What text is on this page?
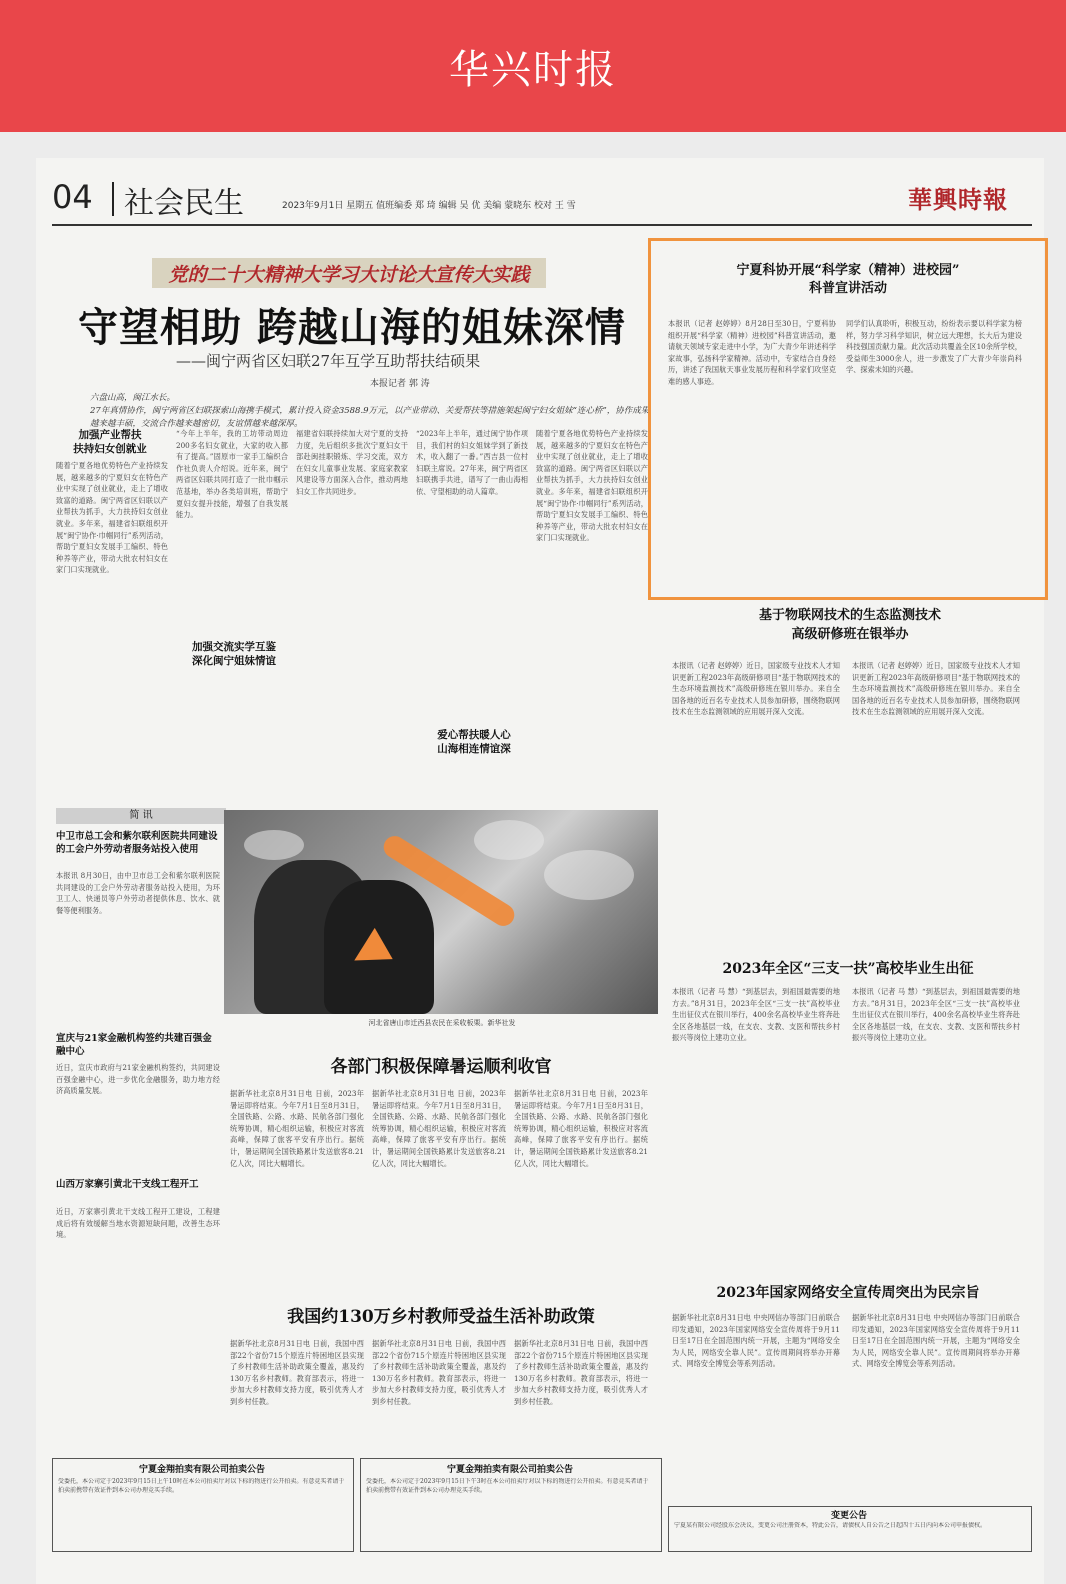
华兴时报
04 社会民生	2023年9月1日 星期五 值班编委 郑 琦 编辑 吴 优 美编 蒙晓东 校对 王 雪	華興時報
党的二十大精神大学习大讨论大宣传大实践
守望相助 跨越山海的姐妹深情
——闽宁两省区妇联27年互学互助帮扶结硕果
本报记者 郭 涛
六盘山高，闽江水长。
27年真情协作，闽宁两省区妇联探索山海携手模式，累计投入资金3588.9万元，以产业带动、关爱帮扶等措施架起闽宁妇女姐妹“连心桥”，协作成果越来越丰硕，交流合作越来越密切，友谊情越来越深厚。
加强产业帮扶
扶持妇女创就业
随着宁夏各地优势特色产业持续发展，越来越多的宁夏妇女在特色产业中实现了创业就业，走上了增收致富的道路。闽宁两省区妇联以产业帮扶为抓手，大力扶持妇女创业就业。多年来，福建省妇联组织开展“闽宁协作·巾帼同行”系列活动，帮助宁夏妇女发展手工编织、特色种养等产业，带动大批农村妇女在家门口实现就业。
“今年上半年，我的工坊带动周边200多名妇女就业，大家的收入都有了提高。”固原市一家手工编织合作社负责人介绍说。近年来，闽宁两省区妇联共同打造了一批巾帼示范基地，举办各类培训班，帮助宁夏妇女提升技能，增强了自我发展能力。
加强交流实学互鉴
深化闽宁姐妹情谊
福建省妇联持续加大对宁夏的支持力度，先后组织多批次宁夏妇女干部赴闽挂职锻炼、学习交流，双方在妇女儿童事业发展、家庭家教家风建设等方面深入合作，推动两地妇女工作共同进步。
“2023年上半年，通过闽宁协作项目，我们村的妇女姐妹学到了新技术，收入翻了一番。”西吉县一位村妇联主席说。27年来，闽宁两省区妇联携手共进，谱写了一曲山海相依、守望相助的动人篇章。
爱心帮扶暖人心
山海相连情谊深
随着宁夏各地优势特色产业持续发展，越来越多的宁夏妇女在特色产业中实现了创业就业，走上了增收致富的道路。闽宁两省区妇联以产业帮扶为抓手，大力扶持妇女创业就业。多年来，福建省妇联组织开展“闽宁协作·巾帼同行”系列活动，帮助宁夏妇女发展手工编织、特色种养等产业，带动大批农村妇女在家门口实现就业。
宁夏科协开展“科学家（精神）进校园”
科普宣讲活动
本报讯（记者 赵婷婷）8月28日至30日，宁夏科协组织开展“科学家（精神）进校园”科普宣讲活动，邀请航天领域专家走进中小学，为广大青少年讲述科学家故事，弘扬科学家精神。活动中，专家结合自身经历，讲述了我国航天事业发展历程和科学家们攻坚克难的感人事迹。
同学们认真聆听，积极互动，纷纷表示要以科学家为榜样，努力学习科学知识，树立远大理想，长大后为建设科技强国贡献力量。此次活动共覆盖全区10余所学校，受益师生3000余人，进一步激发了广大青少年崇尚科学、探索未知的兴趣。
基于物联网技术的生态监测技术
高级研修班在银举办
本报讯（记者 赵婷婷）近日，国家级专业技术人才知识更新工程2023年高级研修项目“基于物联网技术的生态环境监测技术”高级研修班在银川举办。来自全国各地的近百名专业技术人员参加研修，围绕物联网技术在生态监测领域的应用展开深入交流。
本报讯（记者 赵婷婷）近日，国家级专业技术人才知识更新工程2023年高级研修项目“基于物联网技术的生态环境监测技术”高级研修班在银川举办。来自全国各地的近百名专业技术人员参加研修，围绕物联网技术在生态监测领域的应用展开深入交流。
2023年全区“三支一扶”高校毕业生出征
本报讯（记者 马 慧）“到基层去，到祖国最需要的地方去。”8月31日，2023年全区“三支一扶”高校毕业生出征仪式在银川举行，400余名高校毕业生将奔赴全区各地基层一线，在支农、支教、支医和帮扶乡村振兴等岗位上建功立业。
本报讯（记者 马 慧）“到基层去，到祖国最需要的地方去。”8月31日，2023年全区“三支一扶”高校毕业生出征仪式在银川举行，400余名高校毕业生将奔赴全区各地基层一线，在支农、支教、支医和帮扶乡村振兴等岗位上建功立业。
2023年国家网络安全宣传周突出为民宗旨
据新华社北京8月31日电 中央网信办等部门日前联合印发通知，2023年国家网络安全宣传周将于9月11日至17日在全国范围内统一开展，主题为“网络安全为人民，网络安全靠人民”。宣传周期间将举办开幕式、网络安全博览会等系列活动。
据新华社北京8月31日电 中央网信办等部门日前联合印发通知，2023年国家网络安全宣传周将于9月11日至17日在全国范围内统一开展，主题为“网络安全为人民，网络安全靠人民”。宣传周期间将举办开幕式、网络安全博览会等系列活动。
简 讯
中卫市总工会和紫尔联利医院共同建设的工会户外劳动者服务站投入使用
本报讯 8月30日，由中卫市总工会和紫尔联利医院共同建设的工会户外劳动者服务站投入使用，为环卫工人、快递员等户外劳动者提供休息、饮水、就餐等便利服务。
宣庆与21家金融机构签约共建百强金融中心
近日，宣庆市政府与21家金融机构签约，共同建设百强金融中心，进一步优化金融服务，助力地方经济高质量发展。
山西万家寨引黄北干支线工程开工
近日，万家寨引黄北干支线工程开工建设，工程建成后将有效缓解当地水资源短缺问题，改善生态环境。
河北省唐山市迁西县农民在采收板栗。新华社发
各部门积极保障暑运顺利收官
据新华社北京8月31日电 日前，2023年暑运即将结束。今年7月1日至8月31日，全国铁路、公路、水路、民航各部门强化统筹协调，精心组织运输，积极应对客流高峰，保障了旅客平安有序出行。据统计，暑运期间全国铁路累计发送旅客8.21亿人次，同比大幅增长。
据新华社北京8月31日电 日前，2023年暑运即将结束。今年7月1日至8月31日，全国铁路、公路、水路、民航各部门强化统筹协调，精心组织运输，积极应对客流高峰，保障了旅客平安有序出行。据统计，暑运期间全国铁路累计发送旅客8.21亿人次，同比大幅增长。
据新华社北京8月31日电 日前，2023年暑运即将结束。今年7月1日至8月31日，全国铁路、公路、水路、民航各部门强化统筹协调，精心组织运输，积极应对客流高峰，保障了旅客平安有序出行。据统计，暑运期间全国铁路累计发送旅客8.21亿人次，同比大幅增长。
我国约130万乡村教师受益生活补助政策
据新华社北京8月31日电 日前，我国中西部22个省份715个原连片特困地区县实现了乡村教师生活补助政策全覆盖，惠及约130万名乡村教师。教育部表示，将进一步加大乡村教师支持力度，吸引优秀人才到乡村任教。
据新华社北京8月31日电 日前，我国中西部22个省份715个原连片特困地区县实现了乡村教师生活补助政策全覆盖，惠及约130万名乡村教师。教育部表示，将进一步加大乡村教师支持力度，吸引优秀人才到乡村任教。
据新华社北京8月31日电 日前，我国中西部22个省份715个原连片特困地区县实现了乡村教师生活补助政策全覆盖，惠及约130万名乡村教师。教育部表示，将进一步加大乡村教师支持力度，吸引优秀人才到乡村任教。
宁夏金翔拍卖有限公司拍卖公告
受委托，本公司定于2023年9月15日上午10时在本公司拍卖厅对以下标的物进行公开拍卖。有意竞买者请于拍卖前携带有效证件到本公司办理竞买手续。
宁夏金翔拍卖有限公司拍卖公告
受委托，本公司定于2023年9月15日下午3时在本公司拍卖厅对以下标的物进行公开拍卖。有意竞买者请于拍卖前携带有效证件到本公司办理竞买手续。
变更公告
宁夏某有限公司经股东会决议，变更公司注册资本，特此公告，请债权人自公告之日起四十五日内向本公司申报债权。
